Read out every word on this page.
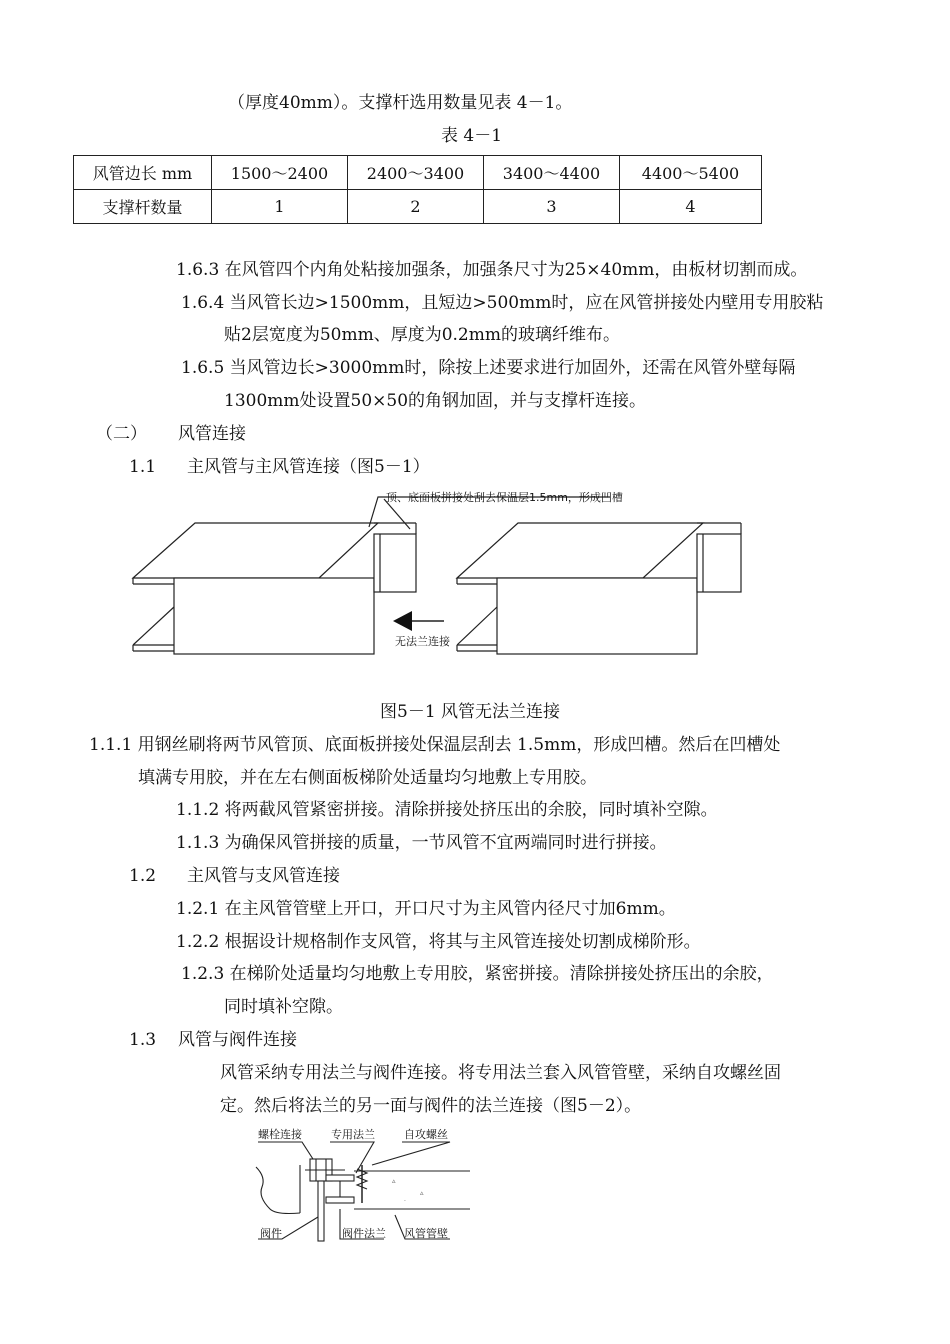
（厚度40mm）。支撑杆选用数量见表 4－1。
表 4－1
风管边长 mm	1500～2400	2400～3400	3400～4400	4400～5400
支撑杆数量	1	2	3	4
1.6.3 在风管四个内角处粘接加强条，加强条尺寸为25×40mm，由板材切割而成。
1.6.4 当风管长边>1500mm，且短边>500mm时，应在风管拼接处内壁用专用胶粘
贴2层宽度为50mm、厚度为0.2mm的玻璃纤维布。
1.6.5 当风管边长>3000mm时，除按上述要求进行加固外，还需在风管外壁每隔
1300mm处设置50×50的角钢加固，并与支撑杆连接。
（二） 风管连接
1.1 主风管与主风管连接（图5－1）
顶、底面板拼接处刮去保温层1.5mm，形成凹槽
无法兰连接
图5－1 风管无法兰连接
1.1.1 用钢丝刷将两节风管顶、底面板拼接处保温层刮去 1.5mm，形成凹槽。然后在凹槽处
填满专用胶，并在左右侧面板梯阶处适量均匀地敷上专用胶。
1.1.2 将两截风管紧密拼接。清除拼接处挤压出的余胶，同时填补空隙。
1.1.3 为确保风管拼接的质量，一节风管不宜两端同时进行拼接。
1.2 主风管与支风管连接
1.2.1 在主风管管壁上开口，开口尺寸为主风管内径尺寸加6mm。
1.2.2 根据设计规格制作支风管，将其与主风管连接处切割成梯阶形。
1.2.3 在梯阶处适量均匀地敷上专用胶，紧密拼接。清除拼接处挤压出的余胶，
同时填补空隙。
1.3 风管与阀件连接
风管采纳专用法兰与阀件连接。将专用法兰套入风管管壁，采纳自攻螺丝固
定。然后将法兰的另一面与阀件的法兰连接（图5－2）。
▵
▵
·
螺栓连接	专用法兰	自攻螺丝
阀件	阀件法兰 风管管壁
